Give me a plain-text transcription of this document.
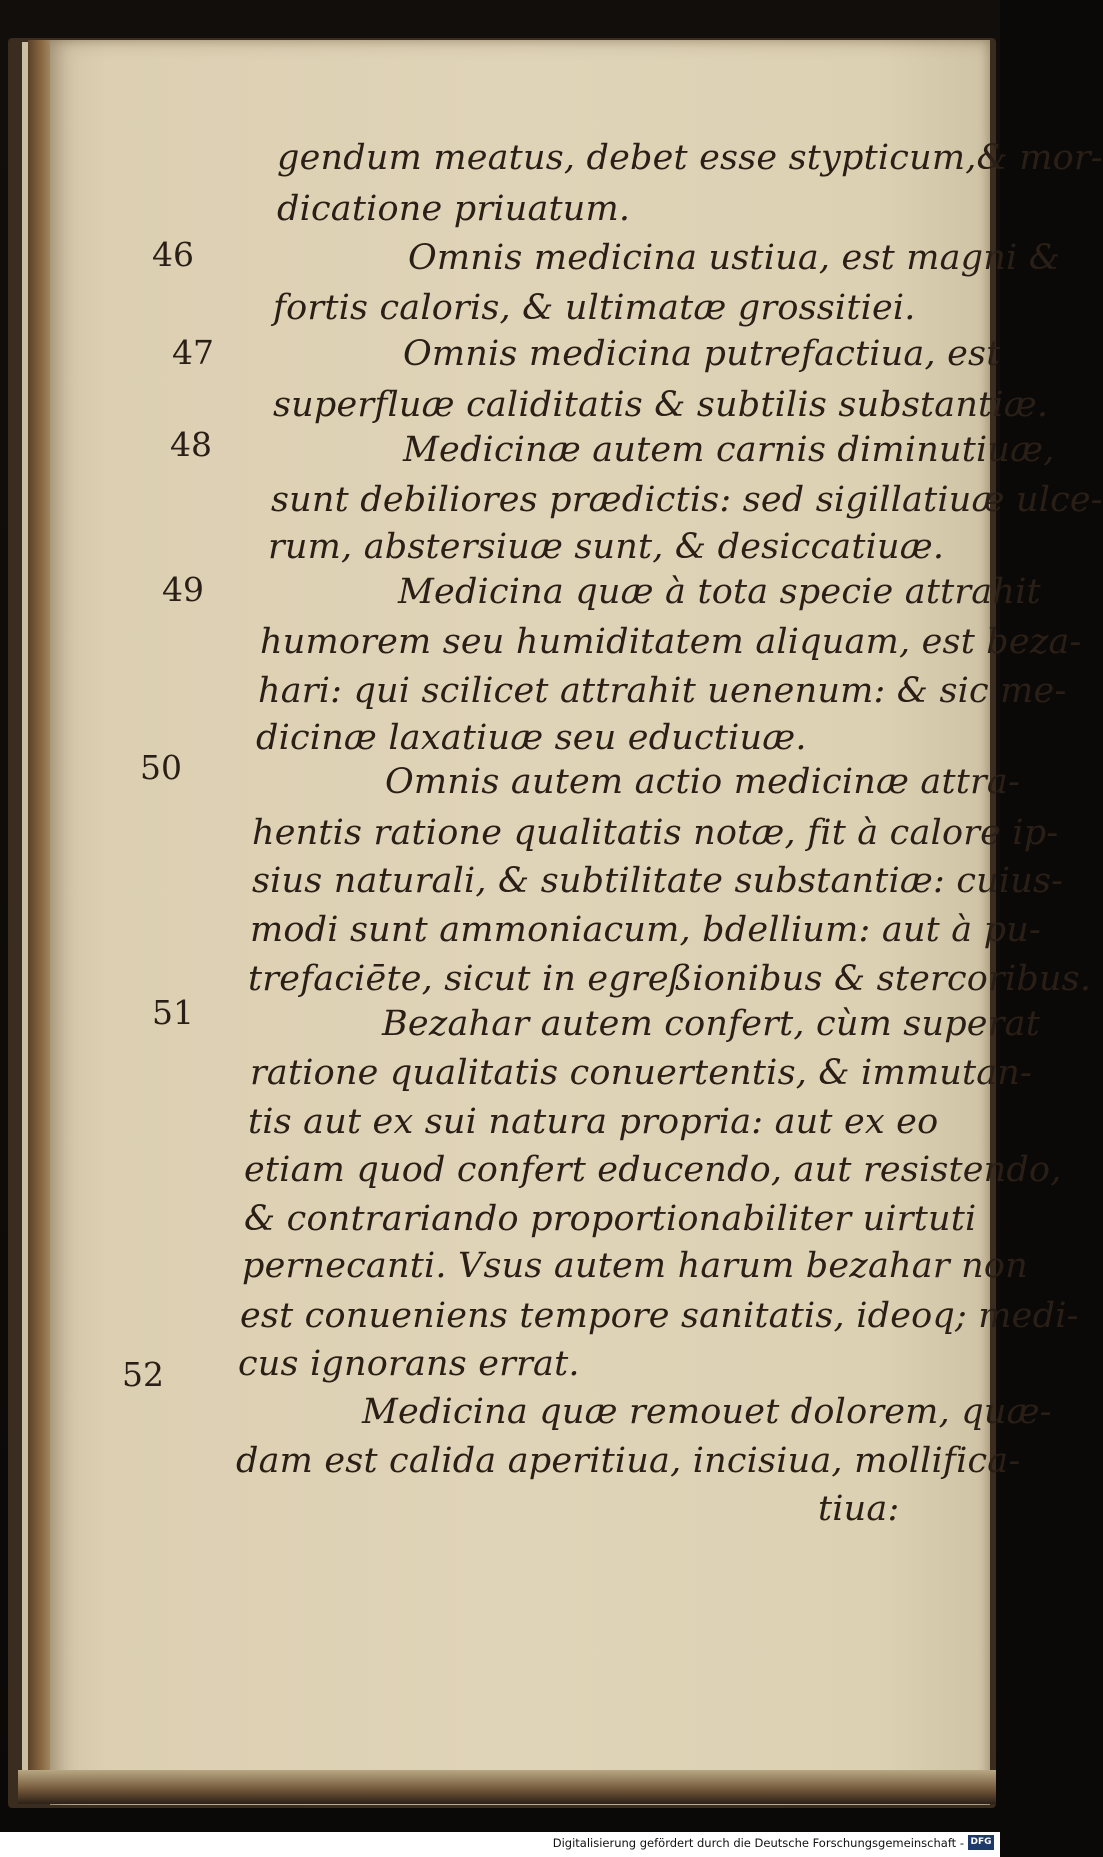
gendum meatus, debet esse stypticum,& mor-
dicatione priuatum.
Omnis medicina ustiua, est magni &
fortis caloris, & ultimatæ grossitiei.
Omnis medicina putrefactiua, est
superfluæ caliditatis & subtilis substantiæ.
Medicinæ autem carnis diminutiuæ,
sunt debiliores prædictis: sed sigillatiuæ ulce-
rum, abstersiuæ sunt, & desiccatiuæ.
Medicina quæ à tota specie attrahit
humorem seu humiditatem aliquam, est beza-
hari: qui scilicet attrahit uenenum: & sic me-
dicinæ laxatiuæ seu eductiuæ.
Omnis autem actio medicinæ attra-
hentis ratione qualitatis notæ, fit à calore ip-
sius naturali, & subtilitate substantiæ: cuius-
modi sunt ammoniacum, bdellium: aut à pu-
trefaciēte, sicut in egreßionibus & stercoribus.
Bezahar autem confert, cùm superat
ratione qualitatis conuertentis, & immutan-
tis aut ex sui natura propria: aut ex eo
etiam quod confert educendo, aut resistendo,
& contrariando proportionabiliter uirtuti
pernecanti. Vsus autem harum bezahar non
est conueniens tempore sanitatis, ideoq; medi-
cus ignorans errat.
Medicina quæ remouet dolorem, quæ-
dam est calida aperitiua, incisiua, mollifica-
tiua:
46
47
48
49
50
51
52
Digitalisierung gefördert durch die Deutsche Forschungsgemeinschaft - DFG
